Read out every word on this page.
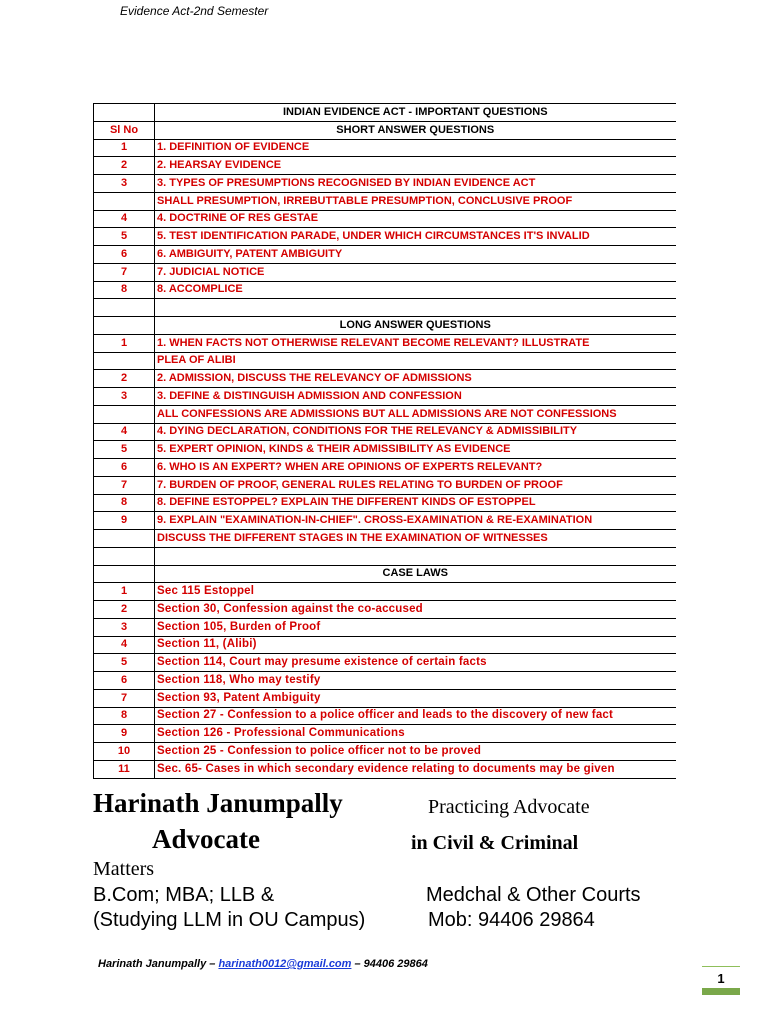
Evidence Act-2nd Semester
	INDIAN EVIDENCE ACT - IMPORTANT QUESTIONS
Sl No	SHORT ANSWER QUESTIONS
1	1. DEFINITION OF EVIDENCE
2	2. HEARSAY EVIDENCE
3	3. TYPES OF PRESUMPTIONS RECOGNISED BY INDIAN EVIDENCE ACT
	SHALL PRESUMPTION, IRREBUTTABLE PRESUMPTION, CONCLUSIVE PROOF
4	4. DOCTRINE OF RES GESTAE
5	5. TEST IDENTIFICATION PARADE, UNDER WHICH CIRCUMSTANCES IT'S INVALID
6	6. AMBIGUITY, PATENT AMBIGUITY
7	7. JUDICIAL NOTICE
8	8. ACCOMPLICE

	LONG ANSWER QUESTIONS
1	1. WHEN FACTS NOT OTHERWISE RELEVANT BECOME RELEVANT? ILLUSTRATE
	PLEA OF ALIBI
2	2. ADMISSION, DISCUSS THE RELEVANCY OF ADMISSIONS
3	3. DEFINE & DISTINGUISH ADMISSION AND CONFESSION
	ALL CONFESSIONS ARE ADMISSIONS BUT ALL ADMISSIONS ARE NOT CONFESSIONS
4	4. DYING DECLARATION, CONDITIONS FOR THE RELEVANCY & ADMISSIBILITY
5	5. EXPERT OPINION, KINDS & THEIR ADMISSIBILITY AS EVIDENCE
6	6. WHO IS AN EXPERT? WHEN ARE OPINIONS OF EXPERTS RELEVANT?
7	7. BURDEN OF PROOF, GENERAL RULES RELATING TO BURDEN OF PROOF
8	8. DEFINE ESTOPPEL? EXPLAIN THE DIFFERENT KINDS OF ESTOPPEL
9	9. EXPLAIN "EXAMINATION-IN-CHIEF". CROSS-EXAMINATION & RE-EXAMINATION
	DISCUSS THE DIFFERENT STAGES IN THE EXAMINATION OF WITNESSES

	CASE LAWS
1	Sec 115 Estoppel
2	Section 30, Confession against the co-accused
3	Section 105, Burden of Proof
4	Section 11, (Alibi)
5	Section 114, Court may presume existence of certain facts
6	Section 118, Who may testify
7	Section 93, Patent Ambiguity
8	Section 27 - Confession to a police officer and leads to the discovery of new fact
9	Section 126 - Professional Communications
10	Section 25 - Confession to police officer not to be proved
11	Sec. 65- Cases in which secondary evidence relating to documents may be given
Harinath Janumpally	Practicing Advocate
Advocate	in Civil & Criminal
Matters
B.Com; MBA; LLB &	Medchal & Other Courts
(Studying LLM in OU Campus)	Mob: 94406 29864
Harinath Janumpally – harinath0012@gmail.com – 94406 29864
1
